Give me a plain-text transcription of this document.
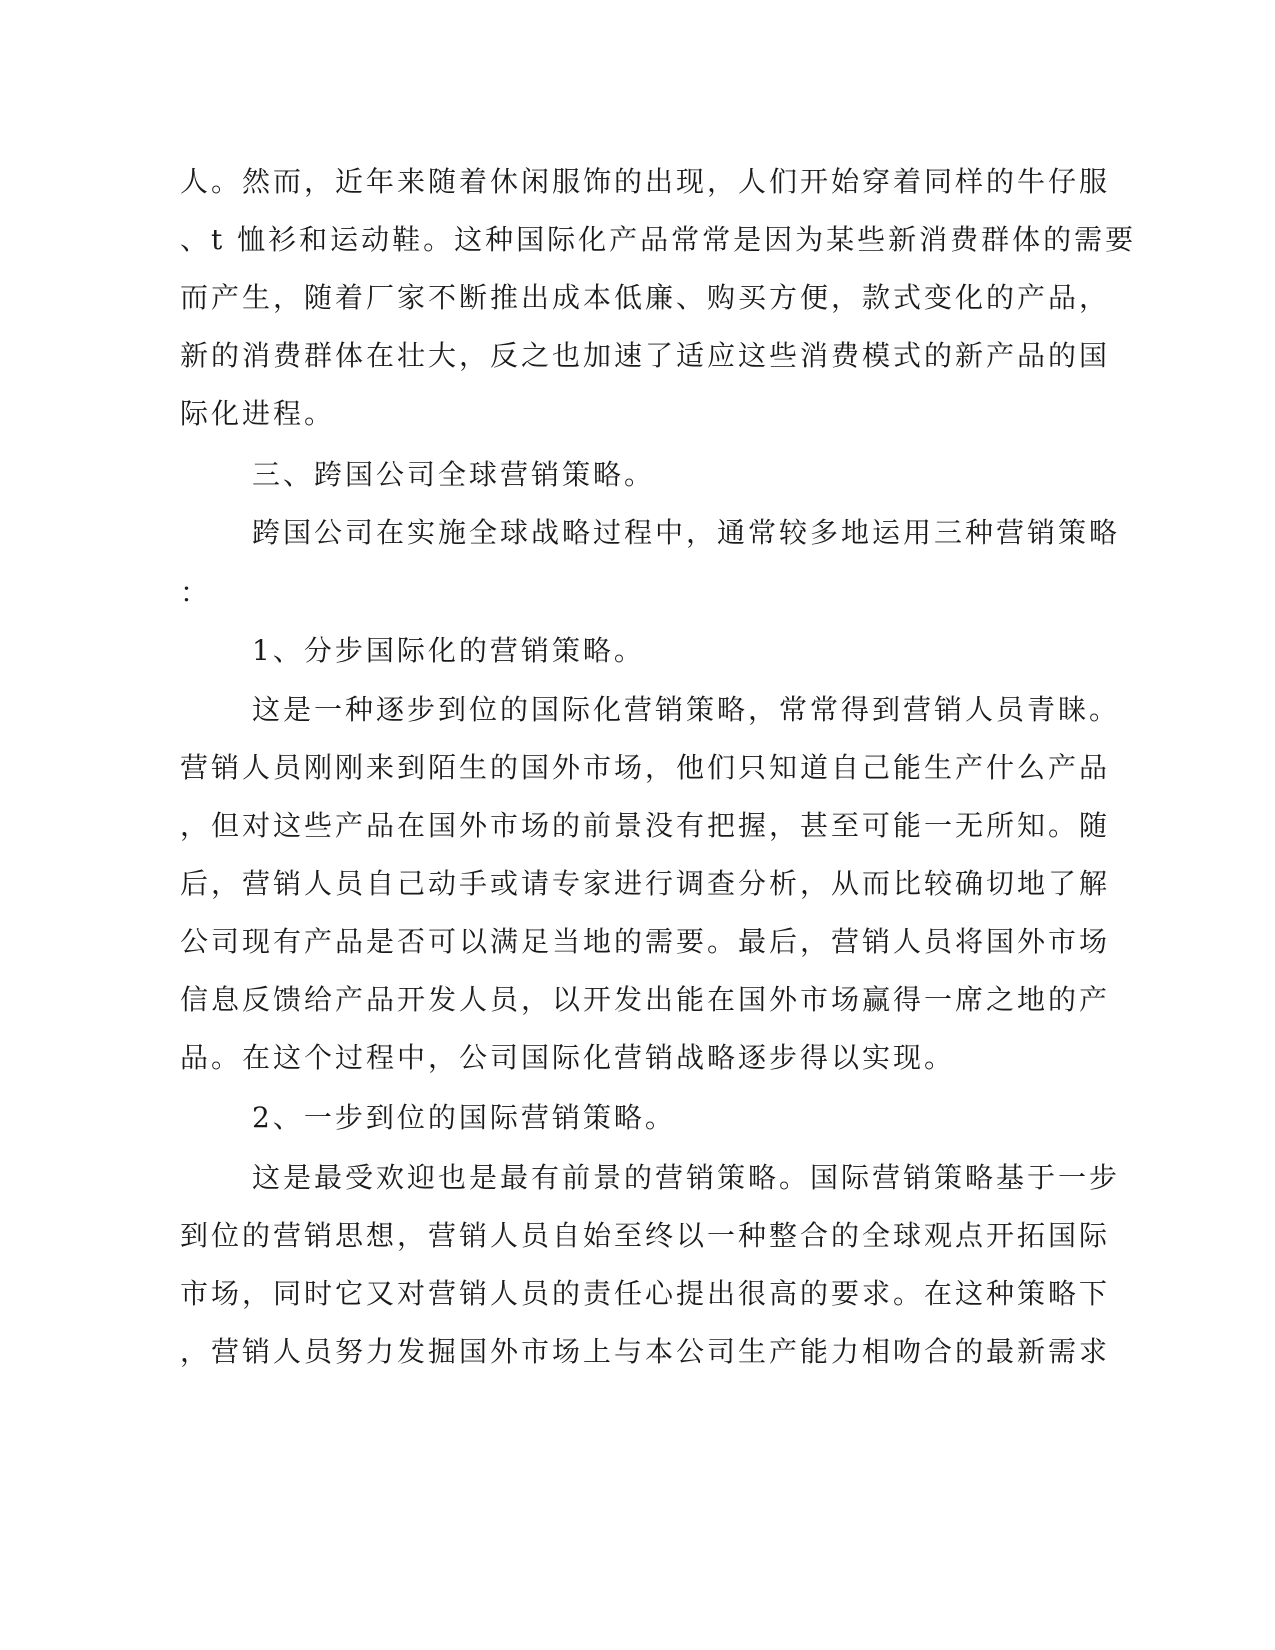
人。然而，近年来随着休闲服饰的出现，人们开始穿着同样的牛仔服
、t 恤衫和运动鞋。这种国际化产品常常是因为某些新消费群体的需要
而产生，随着厂家不断推出成本低廉、购买方便，款式变化的产品，
新的消费群体在壮大，反之也加速了适应这些消费模式的新产品的国
际化进程。
三、跨国公司全球营销策略。
跨国公司在实施全球战略过程中，通常较多地运用三种营销策略
：
1、分步国际化的营销策略。
这是一种逐步到位的国际化营销策略，常常得到营销人员青睐。
营销人员刚刚来到陌生的国外市场，他们只知道自己能生产什么产品
，但对这些产品在国外市场的前景没有把握，甚至可能一无所知。随
后，营销人员自己动手或请专家进行调查分析，从而比较确切地了解
公司现有产品是否可以满足当地的需要。最后，营销人员将国外市场
信息反馈给产品开发人员，以开发出能在国外市场赢得一席之地的产
品。在这个过程中，公司国际化营销战略逐步得以实现。
2、一步到位的国际营销策略。
这是最受欢迎也是最有前景的营销策略。国际营销策略基于一步
到位的营销思想，营销人员自始至终以一种整合的全球观点开拓国际
市场，同时它又对营销人员的责任心提出很高的要求。在这种策略下
，营销人员努力发掘国外市场上与本公司生产能力相吻合的最新需求
